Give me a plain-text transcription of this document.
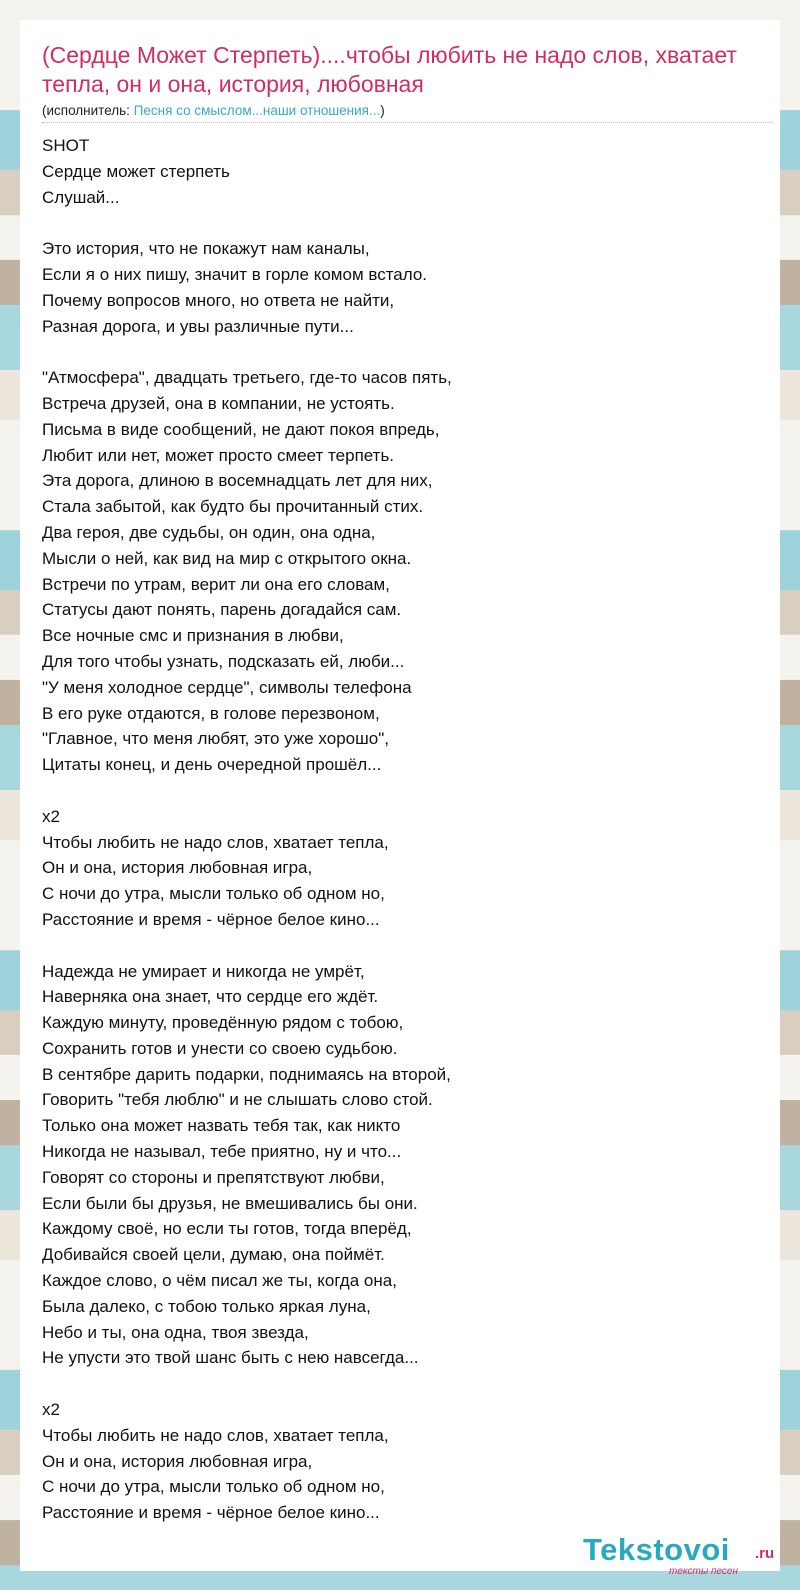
(Сердце Может Стерпеть)....чтобы любить не надо слов, хватает тепла, он и она, история, любовная

(исполнитель: Песня со смыслом...наши отношения...)

SHOT
Сердце может стерпеть
Слушай...
Это история, что не покажут нам каналы,
Если я о них пишу, значит в горле комом встало.
Почему вопросов много, но ответа не найти,
Разная дорога, и увы различные пути...
"Атмосфера", двадцать третьего, где-то часов пять,
Встреча друзей, она в компании, не устоять.
Письма в виде сообщений, не дают покоя впредь,
Любит или нет, может просто смеет терпеть.
Эта дорога, длиною в восемнадцать лет для них,
Стала забытой, как будто бы прочитанный стих.
Два героя, две судьбы, он один, она одна,
Мысли о ней, как вид на мир с открытого окна.
Встречи по утрам, верит ли она его словам,
Статусы дают понять, парень догадайся сам.
Все ночные смс и признания в любви,
Для того чтобы узнать, подсказать ей, люби...
"У меня холодное сердце", символы телефона
В его руке отдаются, в голове перезвоном,
"Главное, что меня любят, это уже хорошо",
Цитаты конец, и день очередной прошёл...
x2
Чтобы любить не надо слов, хватает тепла,
Он и она, история любовная игра,
С ночи до утра, мысли только об одном но,
Расстояние и время - чёрное белое кино...
Надежда не умирает и никогда не умрёт,
Наверняка она знает, что сердце его ждёт.
Каждую минуту, проведённую рядом с тобою,
Сохранить готов и унести со своею судьбою.
В сентябре дарить подарки, поднимаясь на второй,
Говорить "тебя люблю" и не слышать слово стой.
Только она может назвать тебя так, как никто
Никогда не называл, тебе приятно, ну и что...
Говорят со стороны и препятствуют любви,
Если были бы друзья, не вмешивались бы они.
Каждому своё, но если ты готов, тогда вперёд,
Добивайся своей цели, думаю, она поймёт.
Каждое слово, о чём писал же ты, когда она,
Была далеко, с тобою только яркая луна,
Небо и ты, она одна, твоя звезда,
Не упусти это твой шанс быть с нею навсегда...
x2
Чтобы любить не надо слов, хватает тепла,
Он и она, история любовная игра,
С ночи до утра, мысли только об одном но,
Расстояние и время - чёрное белое кино...
Tekstovoi .ru
тексты песен
